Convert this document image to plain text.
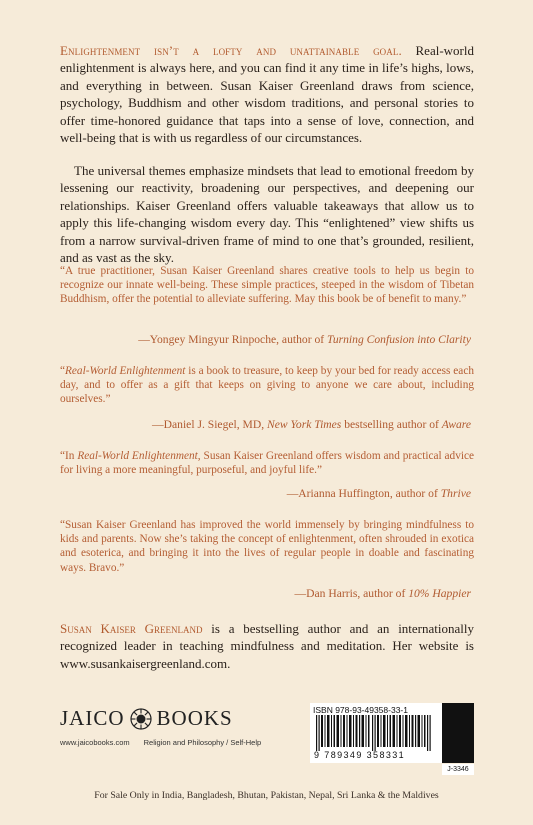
Enlightenment isn’t a lofty and unattainable goal. Real-world enlightenment is always here, and you can find it any time in life’s highs, lows, and everything in between. Susan Kaiser Greenland draws from science, psychology, Buddhism and other wisdom traditions, and personal stories to offer time-honored guidance that taps into a sense of love, connection, and well-being that is with us regardless of our circumstances.

The universal themes emphasize mindsets that lead to emotional freedom by lessening our reactivity, broadening our perspectives, and deepening our relationships. Kaiser Greenland offers valuable takeaways that allow us to apply this life-changing wisdom every day. This “enlightened” view shifts us from a narrow survival-driven frame of mind to one that’s grounded, resilient, and as vast as the sky.

“A true practitioner, Susan Kaiser Greenland shares creative tools to help us begin to recognize our innate well-being. These simple practices, steeped in the wisdom of Tibetan Buddhism, offer the potential to alleviate suffering. May this book be of benefit to many.”

—Yongey Mingyur Rinpoche, author of Turning Confusion into Clarity

“Real-World Enlightenment is a book to treasure, to keep by your bed for ready access each day, and to offer as a gift that keeps on giving to anyone we care about, including ourselves.”

—Daniel J. Siegel, MD, New York Times bestselling author of Aware

“In Real-World Enlightenment, Susan Kaiser Greenland offers wisdom and practical advice for living a more meaningful, purposeful, and joyful life.”

—Arianna Huffington, author of Thrive

“Susan Kaiser Greenland has improved the world immensely by bringing mindfulness to kids and parents. Now she’s taking the concept of enlightenment, often shrouded in exotica and esoterica, and bringing it into the lives of regular people in doable and fascinating ways. Bravo.”

—Dan Harris, author of 10% Happier

Susan Kaiser Greenland is a bestselling author and an internationally recognized leader in teaching mindfulness and meditation. Her website is www.susankaisergreenland.com.

JAICO BOOKS
www.jaicobooks.com Religion and Philosophy / Self-Help
ISBN 978-93-49358-33-1
9 789349 358331
J-3346
For Sale Only in India, Bangladesh, Bhutan, Pakistan, Nepal, Sri Lanka & the Maldives
